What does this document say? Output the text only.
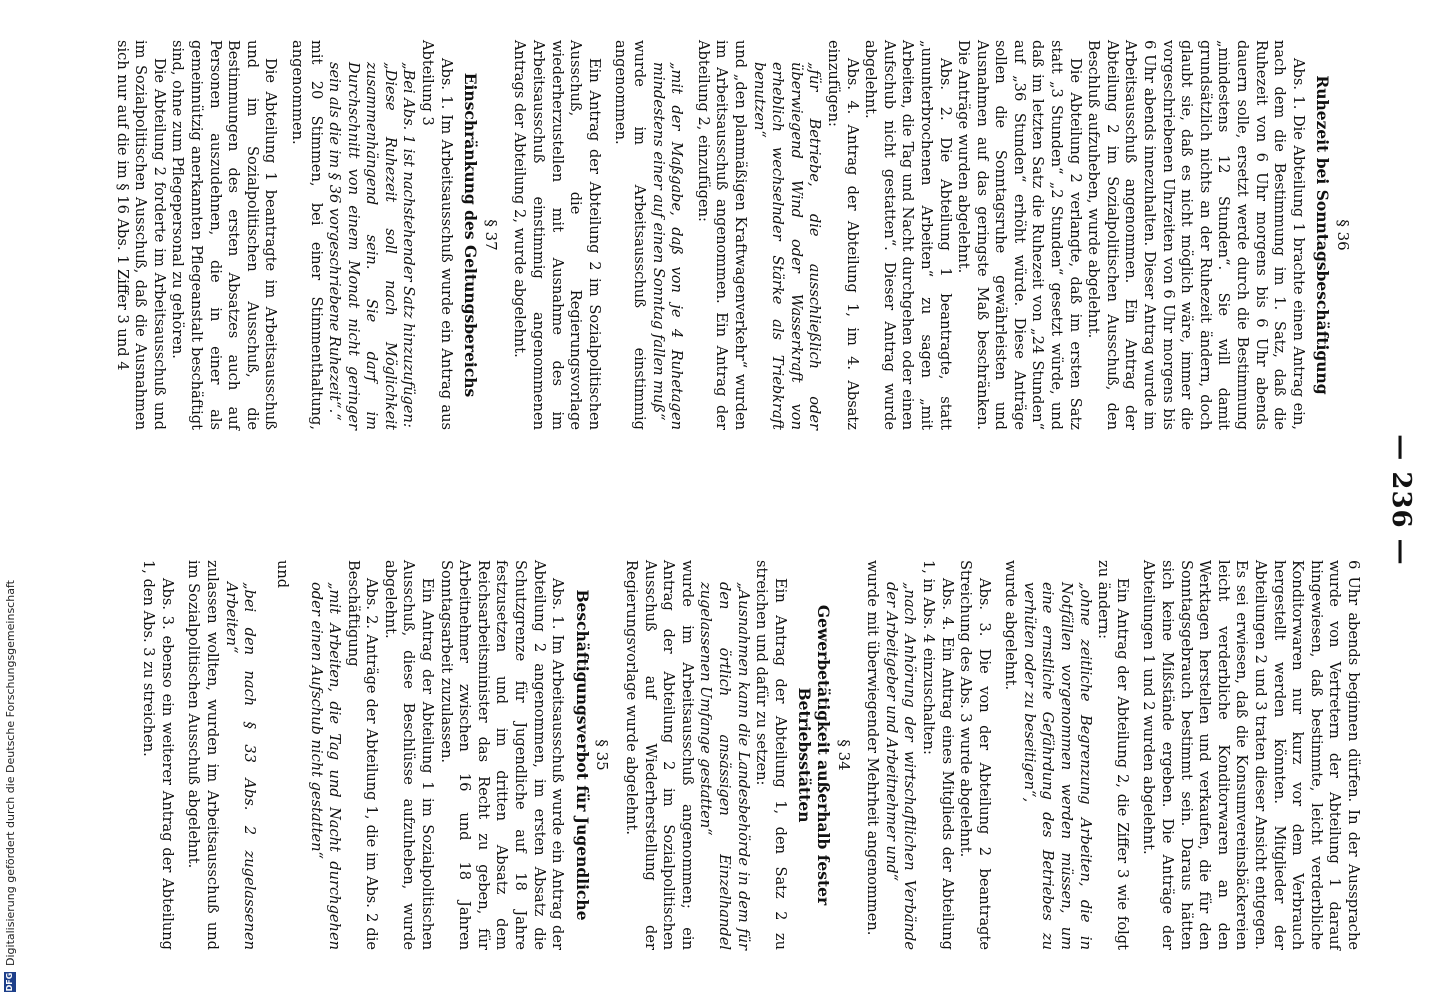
— 236 —
§ 36
Ruhezeit bei Sonntagsbeschäftigung

Abs. 1. Die Abteilung 1 brachte einen Antrag ein, nach dem die Bestimmung im 1. Satz, daß die Ruhezeit von 6 Uhr morgens bis 6 Uhr abends dauern solle, ersetzt werde durch die Bestimmung „mindestens 12 Stunden“. Sie will damit grundsätzlich nichts an der Ruhezeit ändern, doch glaubt sie, daß es nicht möglich wäre, immer die vorgeschriebenen Uhrzeiten von 6 Uhr morgens bis 6 Uhr abends innezuhalten. Dieser Antrag wurde im Arbeitsausschuß angenommen. Ein Antrag der Abteilung 2 im Sozialpolitischen Ausschuß, den Beschluß aufzuheben, wurde abgelehnt.

Die Abteilung 2 verlangte, daß im ersten Satz statt „3 Stunden“ „2 Stunden“ gesetzt würde, und daß im letzten Satz die Ruhezeit von „24 Stunden“ auf „36 Stunden“ erhöht würde. Diese Anträge sollen die Sonntagsruhe gewährleisten und Ausnahmen auf das geringste Maß beschränken. Die Anträge wurden abgelehnt.

Abs. 2. Die Abteilung 1 beantragte, statt „ununterbrochenen Arbeiten“ zu sagen „mit Arbeiten, die Tag und Nacht durchgehen oder einen Aufschub nicht gestatten“. Dieser Antrag wurde abgelehnt.

Abs. 4. Antrag der Abteilung 1, im 4. Absatz einzufügen:

„für Betriebe, die ausschließlich oder überwiegend Wind oder Wasserkraft von erheblich wechselnder Stärke als Triebkraft benutzen“

und „den planmäßigen Kraftwagenverkehr“ wurden im Arbeitsausschuß angenommen. Ein Antrag der Abteilung 2, einzufügen:

„mit der Maßgabe, daß von je 4 Ruhetagen mindestens einer auf einen Sonntag fallen muß“

wurde im Arbeitsausschuß einstimmig angenommen.

Ein Antrag der Abteilung 2 im Sozialpolitischen Ausschuß, die Regierungsvorlage wiederherzustellen mit Ausnahme des im Arbeitsausschuß einstimmig angenommenen Antrags der Abteilung 2, wurde abgelehnt.

§ 37
Einschränkung des Geltungsbereichs

Abs. 1. Im Arbeitsausschuß wurde ein Antrag aus Abteilung 3

„Bei Abs. 1 ist nachstehender Satz hinzuzufügen:

„Diese Ruhezeit soll nach Möglichkeit zusammenhängend sein. Sie darf im Durchschnitt von einem Monat nicht geringer sein als die im § 36 vorgeschriebene Ruhezeit“.“

mit 20 Stimmen, bei einer Stimmenthaltung, angenommen.

Die Abteilung 1 beantragte im Arbeitsausschuß und im Sozialpolitischen Ausschuß, die Bestimmungen des ersten Absatzes auch auf Personen auszudehnen, die in einer als gemeinnützig anerkannten Pflegeanstalt beschäftigt sind, ohne zum Pflegepersonal zu gehören.

Die Abteilung 2 forderte im Arbeitsausschuß und im Sozialpolitischen Ausschuß, daß die Ausnahmen sich nur auf die im § 16 Abs. 1 Ziffer 3 und 4

6 Uhr abends beginnen dürfen. In der Aussprache wurde von Vertretern der Abteilung 1 darauf hingewiesen, daß bestimmte, leicht verderbliche Konditorwaren nur kurz vor dem Verbrauch hergestellt werden könnten. Mitglieder der Abteilungen 2 und 3 traten dieser Ansicht entgegen. Es sei erwiesen, daß die Konsumvereinsbäckereien leicht verderbliche Konditorwaren an den Werktagen herstellen und verkaufen, die für den Sonntagsgebrauch bestimmt sein. Daraus hätten sich keine Mißstände ergeben. Die Anträge der Abteilungen 1 und 2 wurden abgelehnt.

Ein Antrag der Abteilung 2, die Ziffer 3 wie folgt zu ändern:

„ohne zeitliche Begrenzung Arbeiten, die in Notfällen vorgenommen werden müssen, um eine ernstliche Gefährdung des Betriebes zu verhüten oder zu beseitigen“,

wurde abgelehnt.

Abs. 3. Die von der Abteilung 2 beantragte Streichung des Abs. 3 wurde abgelehnt.

Abs. 4. Ein Antrag eines Mitglieds der Abteilung 1, in Abs. 4 einzuschalten:

„nach Anhörung der wirtschaftlichen Verbände der Arbeitgeber und Arbeitnehmer und“

wurde mit überwiegender Mehrheit angenommen.

§ 34
Gewerbetätigkeit außerhalb fester Betriebsstätten

Ein Antrag der Abteilung 1, den Satz 2 zu streichen und dafür zu setzen:

„Ausnahmen kann die Landesbehörde in dem für den örtlich ansässigen Einzelhandel zugelassenen Umfange gestatten“

wurde im Arbeitsausschuß angenommen; ein Antrag der Abteilung 2 im Sozialpolitischen Ausschuß auf Wiederherstellung der Regierungsvorlage wurde abgelehnt.

§ 35
Beschäftigungsverbot für Jugendliche

Abs. 1. Im Arbeitsausschuß wurde ein Antrag der Abteilung 2 angenommen, im ersten Absatz die Schutzgrenze für Jugendliche auf 18 Jahre festzusetzen und im dritten Absatz dem Reichsarbeitsminister das Recht zu geben, für Arbeitnehmer zwischen 16 und 18 Jahren Sonntagsarbeit zuzulassen.

Ein Antrag der Abteilung 1 im Sozialpolitischen Ausschuß, diese Beschlüsse aufzuheben, wurde abgelehnt.

Abs. 2. Anträge der Abteilung 1, die im Abs. 2 die Beschäftigung

„mit Arbeiten, die Tag und Nacht durchgehen oder einen Aufschub nicht gestatten“

und

„bei den nach § 33 Abs. 2 zugelassenen Arbeiten“

zulassen wollten, wurden im Arbeitsausschuß und im Sozialpolitischen Ausschuß abgelehnt.

Abs. 3. ebenso ein weiterer Antrag der Abteilung 1, den Abs. 3 zu streichen.

DFG
Digitalisierung gefördert durch die Deutsche Forschungsgemeinschaft
